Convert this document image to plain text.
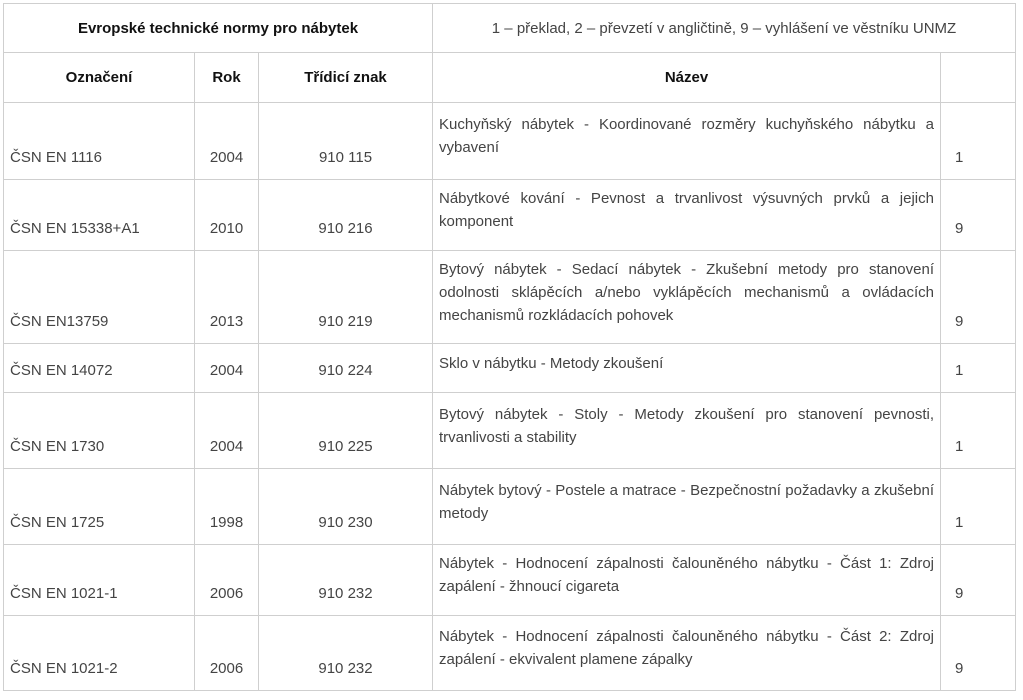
Evropské technické normy pro nábytek			1 – překlad, 2 – převzetí v angličtině, 9 – vyhlášení ve věstníku UNMZ	
Označení	Rok	Třídicí znak	Název	
ČSN EN 1116	2004	910 115	Kuchyňský nábytek - Koordinované rozměry kuchyňského nábytku a vybavení	1
ČSN EN 15338+A1	2010	910 216	Nábytkové kování - Pevnost a trvanlivost výsuvných prvků a jejich komponent	9
ČSN EN13759	2013	910 219	Bytový nábytek - Sedací nábytek - Zkušební metody pro stanovení odolnosti sklápěcích a/nebo vyklápěcích mechanismů a ovládacích mechanismů rozkládacích pohovek	9
ČSN EN 14072	2004	910 224	Sklo v nábytku - Metody zkoušení	1
ČSN EN 1730	2004	910 225	Bytový nábytek - Stoly - Metody zkoušení pro stanovení pevnosti, trvanlivosti a stability	1
ČSN EN 1725	1998	910 230	Nábytek bytový - Postele a matrace - Bezpečnostní požadavky a zkušební metody	1
ČSN EN 1021-1	2006	910 232	Nábytek - Hodnocení zápalnosti čalouněného nábytku - Část 1: Zdroj zapálení - žhnoucí cigareta	9
ČSN EN 1021-2	2006	910 232	Nábytek - Hodnocení zápalnosti čalouněného nábytku - Část 2: Zdroj zapálení - ekvivalent plamene zápalky	9
